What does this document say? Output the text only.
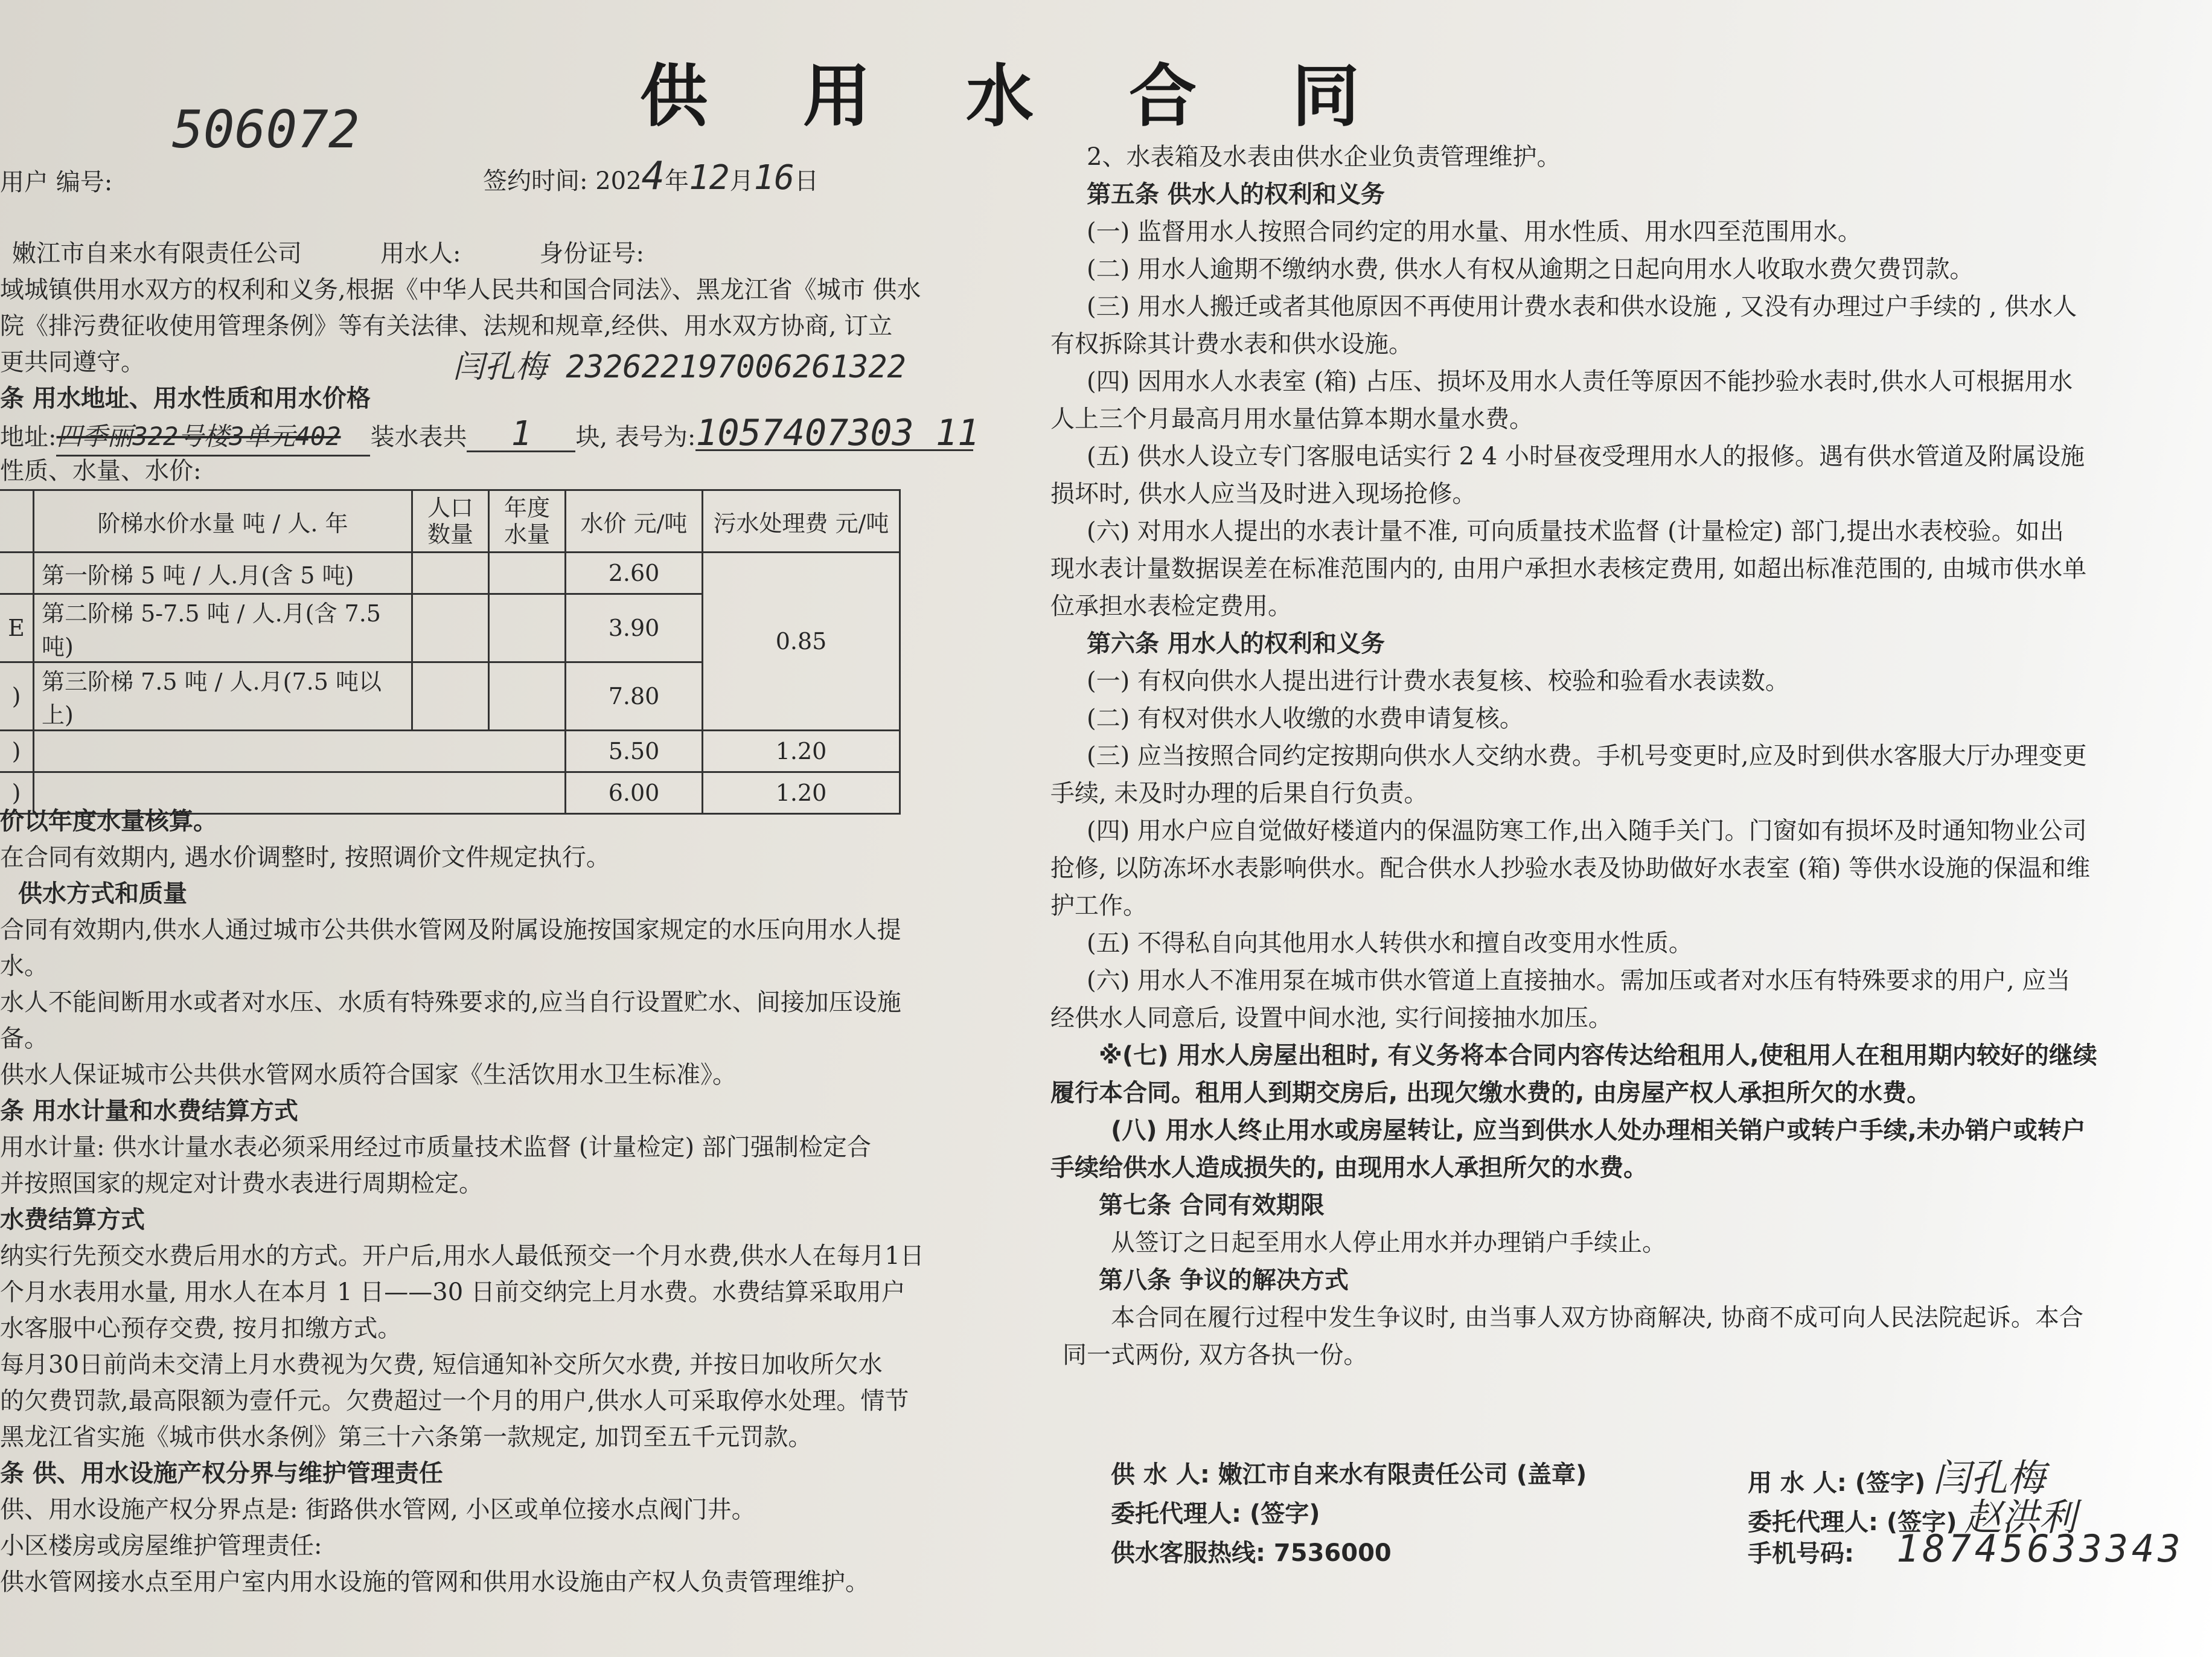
供 用 水 合 同
506072
用户 编号:	签约时间: 2024年12月16日
嫩江市自来水有限责任公司	用水人:	身份证号:
域城镇供用水双方的权利和义务,根据《中华人民共和国合同法》、黑龙江省《城市 供水
院《排污费征收使用管理条例》等有关法律、法规和规章,经供、用水双方协商, 订立
更共同遵守。	闫孔梅 232622197006261322
条 用水地址、用水性质和用水价格
地址:四季丽322号楼3单元402 装水表共 1 块, 表号为:1057407303 11
性质、水量、水价:
	阶梯水价水量 吨 / 人. 年	人口数量	年度水量	水价 元/吨	污水处理费 元/吨
	第一阶梯 5 吨 / 人.月(含 5 吨)			2.60	0.85
E	第二阶梯 5-7.5 吨 / 人.月(含 7.5 吨)			3.90	
)	第三阶梯 7.5 吨 / 人.月(7.5 吨以上)			7.80	
)				5.50	1.20
)				6.00	1.20
价以年度水量核算。
在合同有效期内, 遇水价调整时, 按照调价文件规定执行。
供水方式和质量
合同有效期内,供水人通过城市公共供水管网及附属设施按国家规定的水压向用水人提
水。
水人不能间断用水或者对水压、水质有特殊要求的,应当自行设置贮水、间接加压设施
备。
供水人保证城市公共供水管网水质符合国家《生活饮用水卫生标准》。
条 用水计量和水费结算方式
用水计量: 供水计量水表必须采用经过市质量技术监督 (计量检定) 部门强制检定合
并按照国家的规定对计费水表进行周期检定。
水费结算方式
纳实行先预交水费后用水的方式。开户后,用水人最低预交一个月水费,供水人在每月1日
个月水表用水量, 用水人在本月 1 日——30 日前交纳完上月水费。水费结算采取用户
水客服中心预存交费, 按月扣缴方式。
每月30日前尚未交清上月水费视为欠费, 短信通知补交所欠水费, 并按日加收所欠水
的欠费罚款,最高限额为壹仟元。欠费超过一个月的用户,供水人可采取停水处理。情节
黑龙江省实施《城市供水条例》第三十六条第一款规定, 加罚至五千元罚款。
条 供、用水设施产权分界与维护管理责任
供、用水设施产权分界点是: 街路供水管网, 小区或单位接水点阀门井。
小区楼房或房屋维护管理责任:
供水管网接水点至用户室内用水设施的管网和供用水设施由产权人负责管理维护。
2、水表箱及水表由供水企业负责管理维护。
第五条 供水人的权利和义务
(一) 监督用水人按照合同约定的用水量、用水性质、用水四至范围用水。
(二) 用水人逾期不缴纳水费, 供水人有权从逾期之日起向用水人收取水费欠费罚款。
(三) 用水人搬迁或者其他原因不再使用计费水表和供水设施 , 又没有办理过户手续的 , 供水人
有权拆除其计费水表和供水设施。
(四) 因用水人水表室 (箱) 占压、损坏及用水人责任等原因不能抄验水表时,供水人可根据用水
人上三个月最高月用水量估算本期水量水费。
(五) 供水人设立专门客服电话实行 2 4 小时昼夜受理用水人的报修。遇有供水管道及附属设施
损坏时, 供水人应当及时进入现场抢修。
(六) 对用水人提出的水表计量不准, 可向质量技术监督 (计量检定) 部门,提出水表校验。如出
现水表计量数据误差在标准范围内的, 由用户承担水表核定费用, 如超出标准范围的, 由城市供水单
位承担水表检定费用。
第六条 用水人的权利和义务
(一) 有权向供水人提出进行计费水表复核、校验和验看水表读数。
(二) 有权对供水人收缴的水费申请复核。
(三) 应当按照合同约定按期向供水人交纳水费。手机号变更时,应及时到供水客服大厅办理变更
手续, 未及时办理的后果自行负责。
(四) 用水户应自觉做好楼道内的保温防寒工作,出入随手关门。门窗如有损坏及时通知物业公司
抢修, 以防冻坏水表影响供水。配合供水人抄验水表及协助做好水表室 (箱) 等供水设施的保温和维
护工作。
(五) 不得私自向其他用水人转供水和擅自改变用水性质。
(六) 用水人不准用泵在城市供水管道上直接抽水。需加压或者对水压有特殊要求的用户, 应当
经供水人同意后, 设置中间水池, 实行间接抽水加压。
※(七) 用水人房屋出租时, 有义务将本合同内容传达给租用人,使租用人在租用期内较好的继续
履行本合同。租用人到期交房后, 出现欠缴水费的, 由房屋产权人承担所欠的水费。
(八) 用水人终止用水或房屋转让, 应当到供水人处办理相关销户或转户手续,未办销户或转户
手续给供水人造成损失的, 由现用水人承担所欠的水费。
第七条 合同有效期限
从签订之日起至用水人停止用水并办理销户手续止。
第八条 争议的解决方式
本合同在履行过程中发生争议时, 由当事人双方协商解决, 协商不成可向人民法院起诉。本合
同一式两份, 双方各执一份。
供 水 人: 嫩江市自来水有限责任公司 (盖章)
委托代理人: (签字)
供水客服热线: 7536000
用 水 人: (签字) 闫孔梅
委托代理人: (签字) 赵洪利
手机号码: 18745633343
